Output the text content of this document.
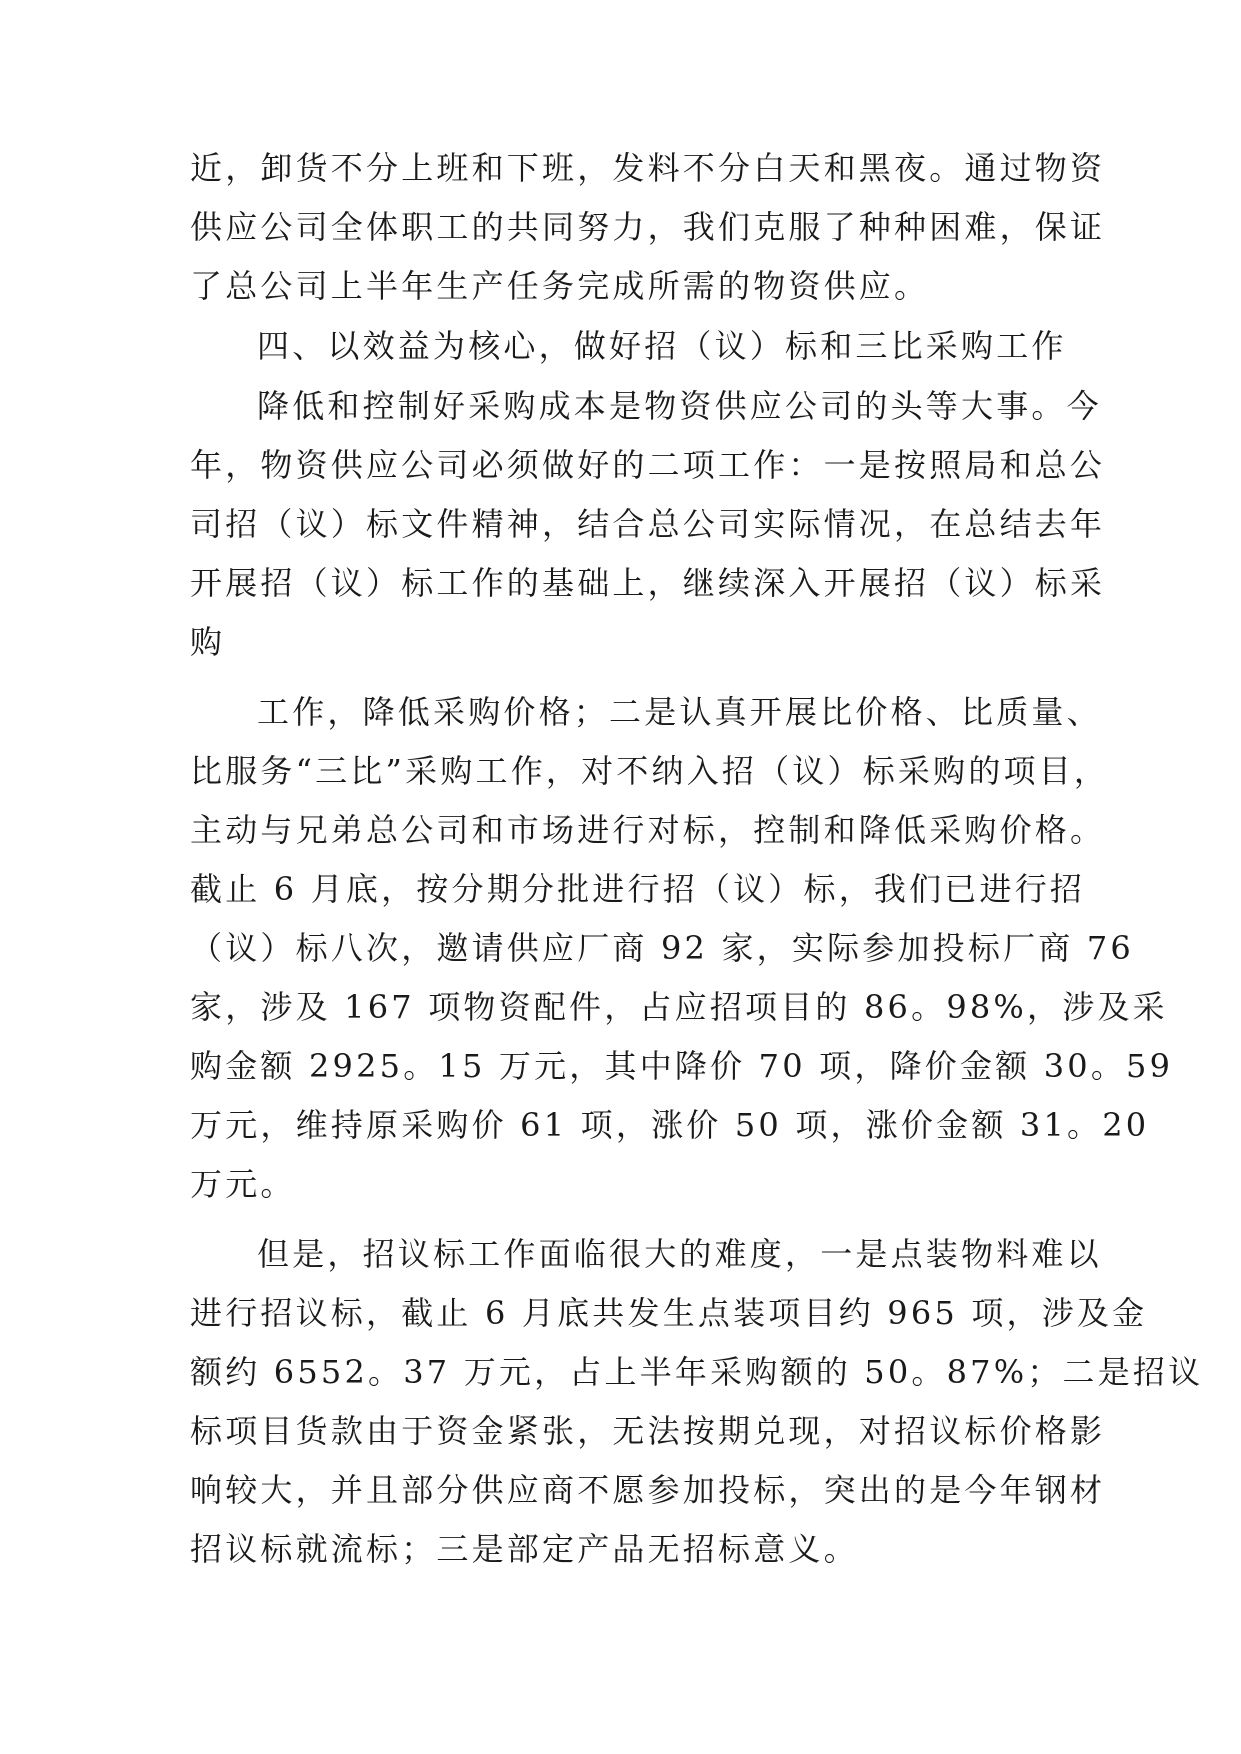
近，卸货不分上班和下班，发料不分白天和黑夜。通过物资
供应公司全体职工的共同努力，我们克服了种种困难，保证
了总公司上半年生产任务完成所需的物资供应。
四、以效益为核心，做好招（议）标和三比采购工作
降低和控制好采购成本是物资供应公司的头等大事。今
年，物资供应公司必须做好的二项工作：一是按照局和总公
司招（议）标文件精神，结合总公司实际情况，在总结去年
开展招（议）标工作的基础上，继续深入开展招（议）标采
购
工作，降低采购价格；二是认真开展比价格、比质量、
比服务“三比”采购工作，对不纳入招（议）标采购的项目，
主动与兄弟总公司和市场进行对标，控制和降低采购价格。
截止 6 月底，按分期分批进行招（议）标，我们已进行招
（议）标八次，邀请供应厂商 92 家，实际参加投标厂商 76
家，涉及 167 项物资配件，占应招项目的 86。98%，涉及采
购金额 2925。15 万元，其中降价 70 项，降价金额 30。59
万元，维持原采购价 61 项，涨价 50 项，涨价金额 31。20
万元。
但是，招议标工作面临很大的难度，一是点装物料难以
进行招议标，截止 6 月底共发生点装项目约 965 项，涉及金
额约 6552。37 万元，占上半年采购额的 50。87%；二是招议
标项目货款由于资金紧张，无法按期兑现，对招议标价格影
响较大，并且部分供应商不愿参加投标，突出的是今年钢材
招议标就流标；三是部定产品无招标意义。
